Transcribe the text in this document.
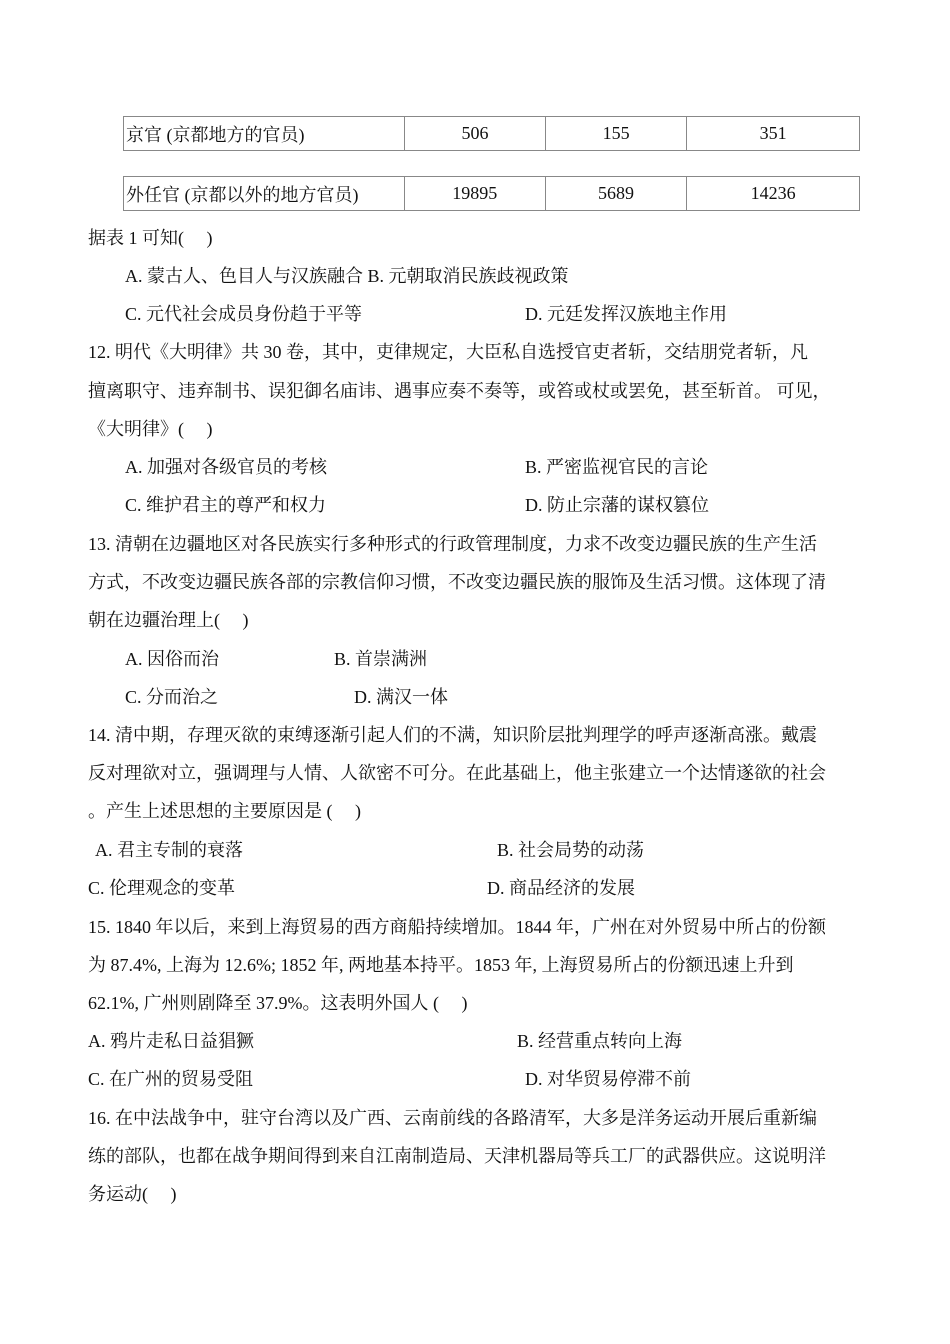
京官 (京都地方的官员)	506	155	351
外任官 (京都以外的地方官员)	19895	5689	14236
据表 1 可知(　 )
A. 蒙古人、色目人与汉族融合 B. 元朝取消民族歧视政策
C. 元代社会成员身份趋于平等	D. 元廷发挥汉族地主作用
12. 明代《大明律》共 30 卷，其中，吏律规定，大臣私自选授官吏者斩，交结朋党者斩，凡
擅离职守、违弃制书、误犯御名庙讳、遇事应奏不奏等，或笞或杖或罢免，甚至斩首。 可见，
《大明律》(　 )
A. 加强对各级官员的考核	B. 严密监视官民的言论
C. 维护君主的尊严和权力	D. 防止宗藩的谋权篡位
13. 清朝在边疆地区对各民族实行多种形式的行政管理制度，力求不改变边疆民族的生产生活
方式，不改变边疆民族各部的宗教信仰习惯，不改变边疆民族的服饰及生活习惯。这体现了清
朝在边疆治理上(　 )
A. 因俗而治	B. 首崇满洲
C. 分而治之	D. 满汉一体
14. 清中期，存理灭欲的束缚逐渐引起人们的不满，知识阶层批判理学的呼声逐渐高涨。戴震
反对理欲对立，强调理与人情、人欲密不可分。在此基础上，他主张建立一个达情遂欲的社会
。产生上述思想的主要原因是 (　 )
A. 君主专制的衰落	B. 社会局势的动荡
C. 伦理观念的变革	D. 商品经济的发展
15. 1840 年以后，来到上海贸易的西方商船持续增加。1844 年，广州在对外贸易中所占的份额
为 87.4%, 上海为 12.6%; 1852 年, 两地基本持平。1853 年, 上海贸易所占的份额迅速上升到
62.1%, 广州则剧降至 37.9%。这表明外国人 (　 )
A. 鸦片走私日益猖獗	B. 经营重点转向上海
C. 在广州的贸易受阻	D. 对华贸易停滞不前
16. 在中法战争中，驻守台湾以及广西、云南前线的各路清军，大多是洋务运动开展后重新编
练的部队，也都在战争期间得到来自江南制造局、天津机器局等兵工厂的武器供应。这说明洋
务运动(　 )
